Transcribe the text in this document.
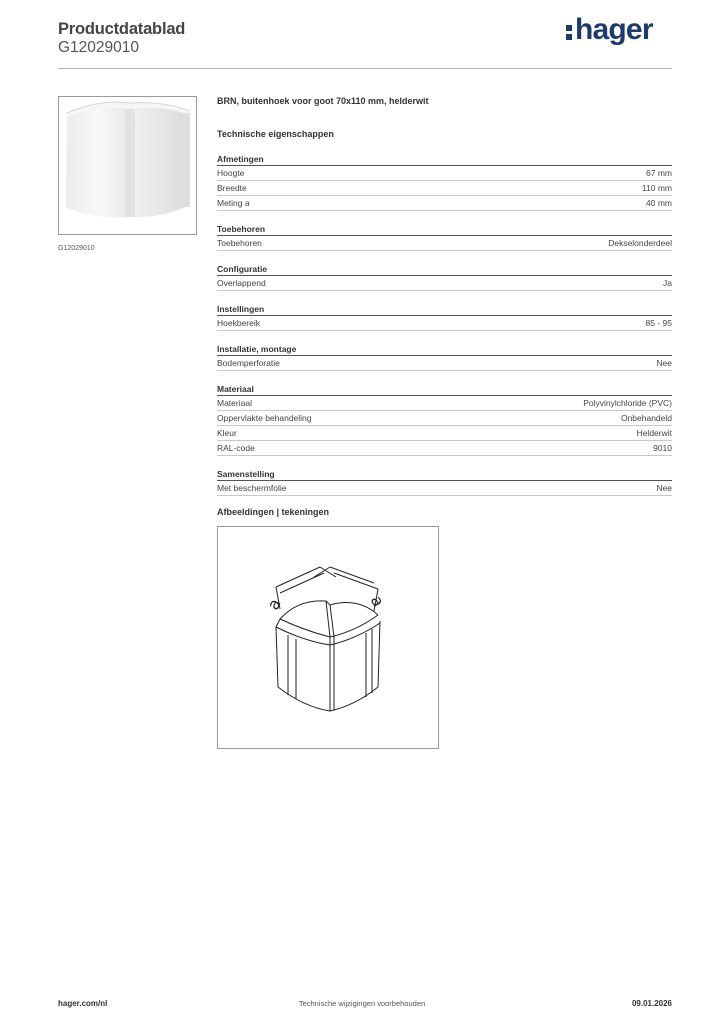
Productdatablad
G12029010
hager
G12029010
BRN, buitenhoek voor goot 70x110 mm, helderwit
Technische eigenschappen
Afmetingen
Hoogte	67 mm
Breedte	110 mm
Meting a	40 mm
Toebehoren
Toebehoren	Dekselonderdeel
Configuratie
Overlappend	Ja
Instellingen
Hoekbereik	85 - 95
Installatie, montage
Bodemperforatie	Nee
Materiaal
Materiaal	Polyvinylchloride (PVC)
Oppervlakte behandeling	Onbehandeld
Kleur	Helderwit
RAL-code	9010
Samenstelling
Met beschermfolie	Nee
Afbeeldingen | tekeningen
a	a
hager.com/nl	Technische wijzigingen voorbehouden	09.01.2026
